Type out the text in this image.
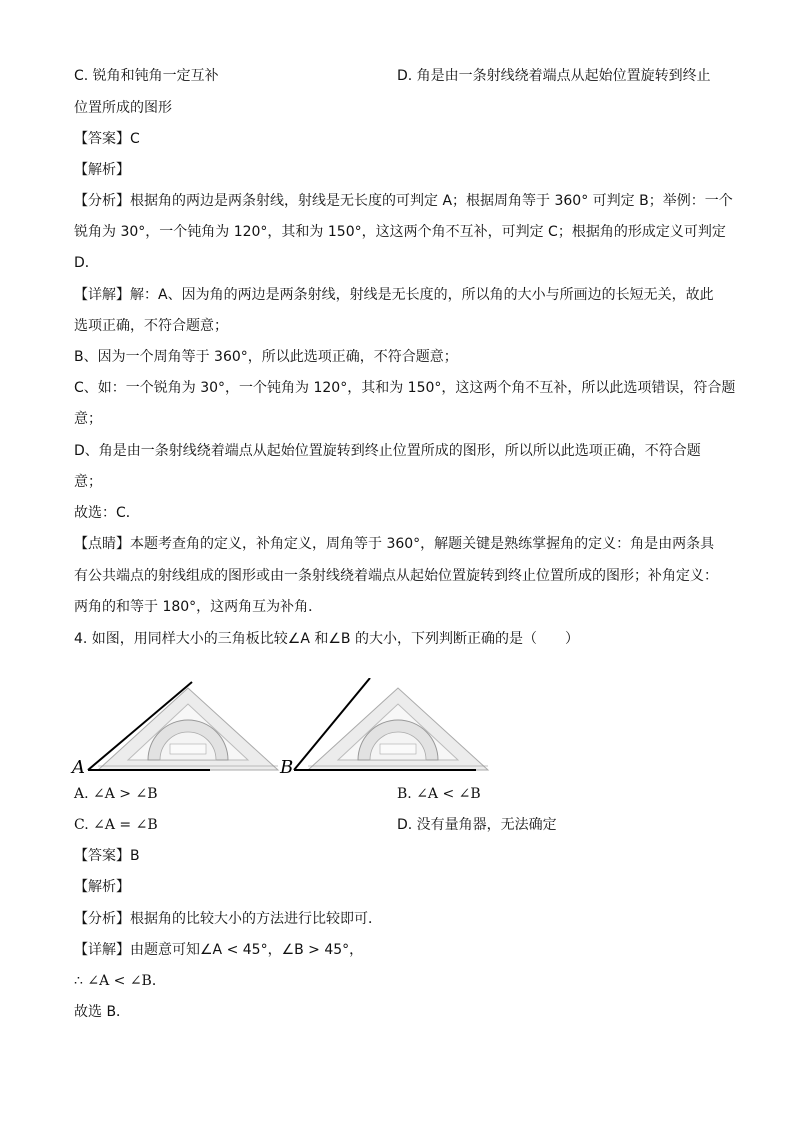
C. 锐角和钝角一定互补	D. 角是由一条射线绕着端点从起始位置旋转到终止
位置所成的图形
【答案】C
【解析】
【分析】根据角的两边是两条射线，射线是无长度的可判定 A；根据周角等于 360° 可判定 B；举例：一个
锐角为 30°，一个钝角为 120°，其和为 150°，这这两个角不互补，可判定 C；根据角的形成定义可判定
D．
【详解】解：A、因为角的两边是两条射线，射线是无长度的，所以角的大小与所画边的长短无关，故此
选项正确，不符合题意；
B、因为一个周角等于 360°，所以此选项正确，不符合题意；
C、如：一个锐角为 30°，一个钝角为 120°，其和为 150°，这这两个角不互补，所以此选项错误，符合题
意；
D、角是由一条射线绕着端点从起始位置旋转到终止位置所成的图形，所以所以此选项正确，不符合题
意；
故选：C．
【点睛】本题考查角的定义，补角定义，周角等于 360°，解题关键是熟练掌握角的定义：角是由两条具
有公共端点的射线组成的图形或由一条射线绕着端点从起始位置旋转到终止位置所成的图形；补角定义：
两角的和等于 180°，这两角互为补角．
4. 如图，用同样大小的三角板比较∠A 和∠B 的大小，下列判断正确的是（　　）
A	B
A. ∠A > ∠B	B. ∠A < ∠B
C. ∠A = ∠B	D. 没有量角器，无法确定
【答案】B
【解析】
【分析】根据角的比较大小的方法进行比较即可．
【详解】由题意可知∠A < 45°，∠B > 45°，
∴ ∠A < ∠B．
故选 B．
